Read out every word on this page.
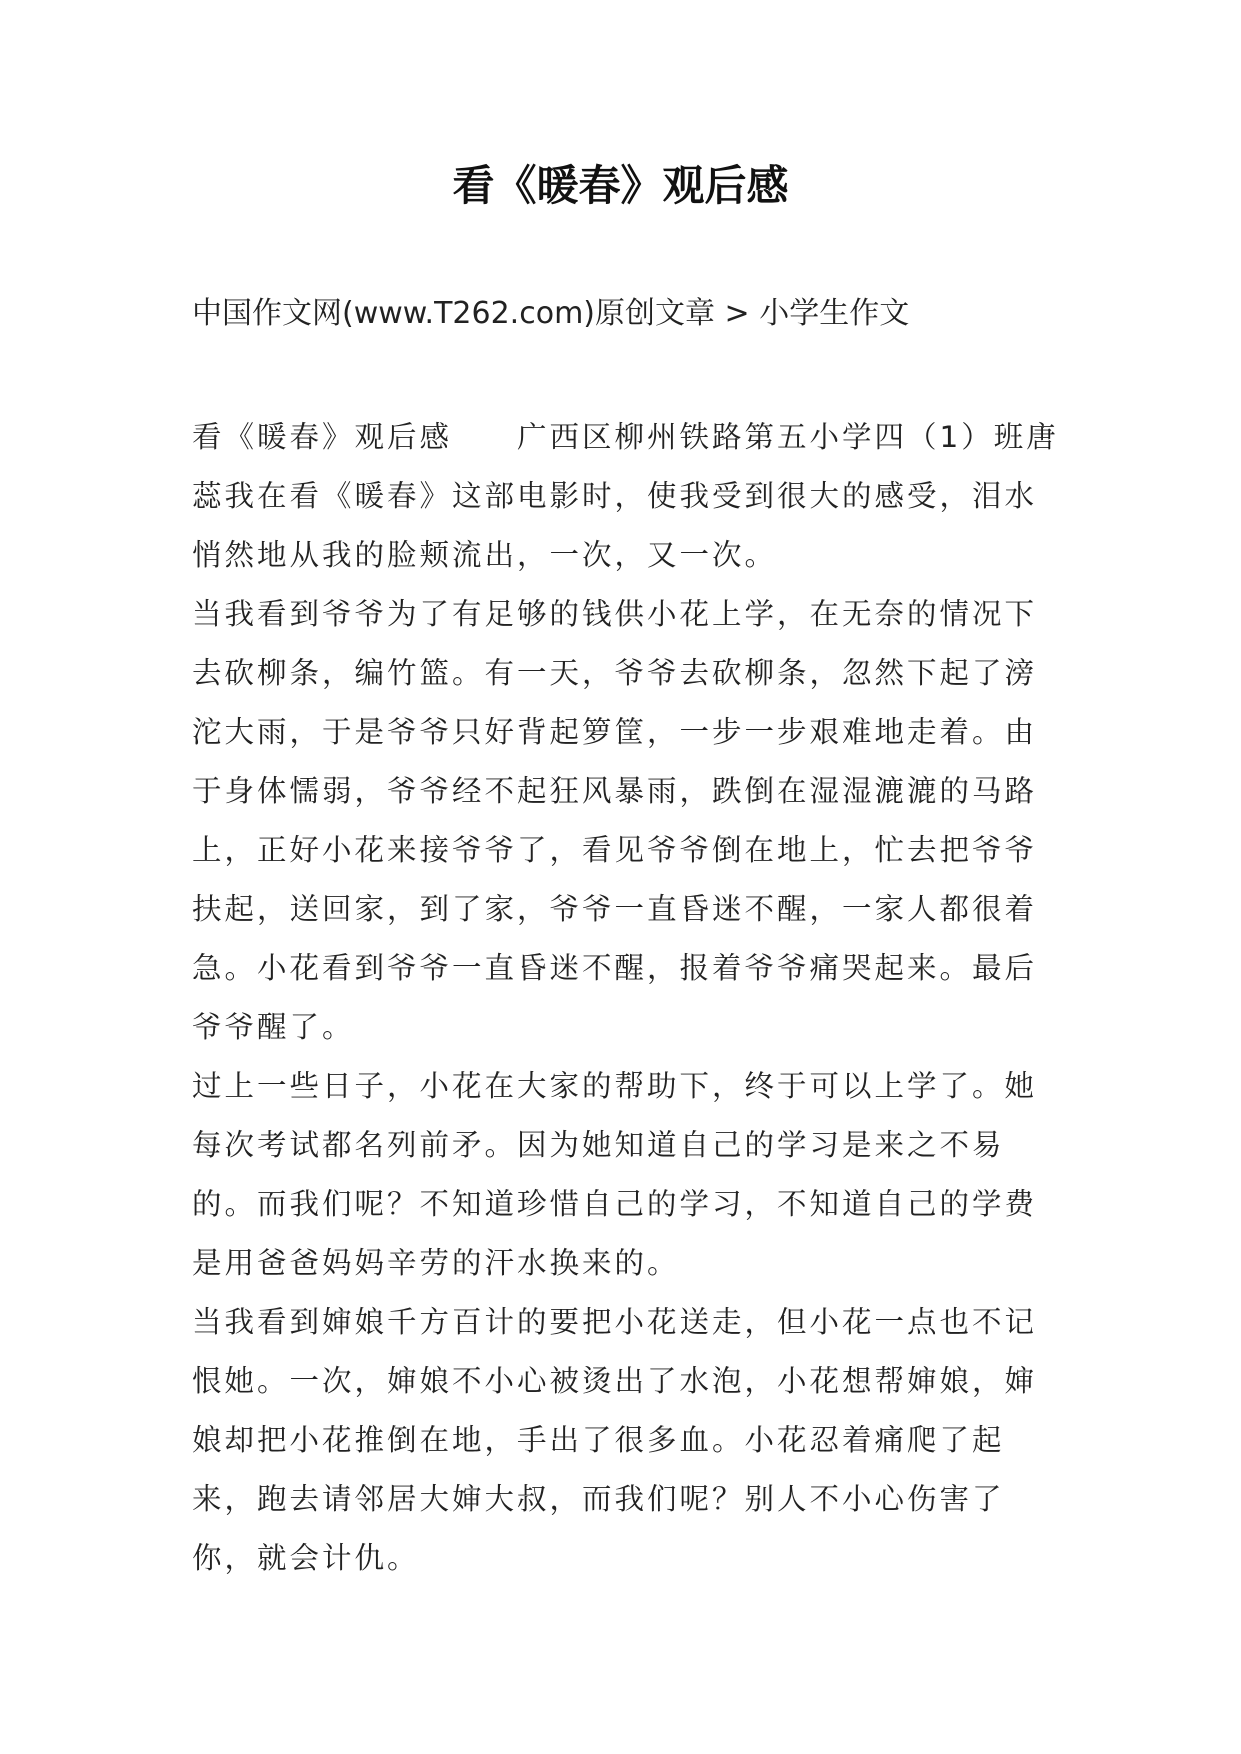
看《暖春》观后感
中国作文网(www.T262.com)原创文章 > 小学生作文

看《暖春》观后感　　广西区柳州铁路第五小学四（1）班唐蕊我在看《暖春》这部电影时，使我受到很大的感受，泪水悄然地从我的脸颊流出，一次，又一次。

当我看到爷爷为了有足够的钱供小花上学，在无奈的情况下去砍柳条，编竹篮。有一天，爷爷去砍柳条，忽然下起了滂沱大雨，于是爷爷只好背起箩筐，一步一步艰难地走着。由于身体懦弱，爷爷经不起狂风暴雨，跌倒在湿湿漉漉的马路上，正好小花来接爷爷了，看见爷爷倒在地上，忙去把爷爷扶起，送回家，到了家，爷爷一直昏迷不醒，一家人都很着急。小花看到爷爷一直昏迷不醒，报着爷爷痛哭起来。最后爷爷醒了。

过上一些日子，小花在大家的帮助下，终于可以上学了。她每次考试都名列前矛。因为她知道自己的学习是来之不易的。而我们呢？不知道珍惜自己的学习，不知道自己的学费是用爸爸妈妈辛劳的汗水换来的。

当我看到婶娘千方百计的要把小花送走，但小花一点也不记恨她。一次，婶娘不小心被烫出了水泡，小花想帮婶娘，婶娘却把小花推倒在地，手出了很多血。小花忍着痛爬了起来，跑去请邻居大婶大叔，而我们呢？别人不小心伤害了你，就会计仇。
